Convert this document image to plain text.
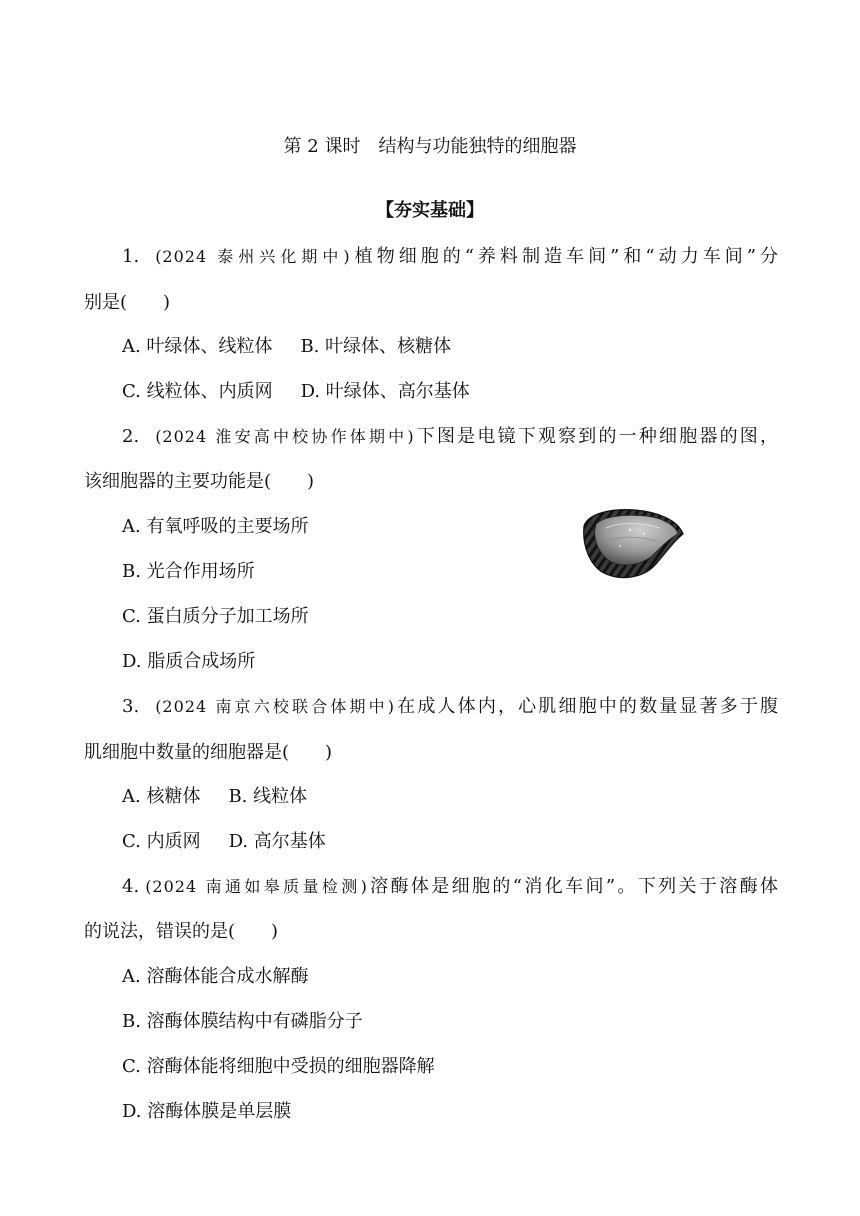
第 2 课时　结构与功能独特的细胞器
【夯实基础】
1. (2024 泰州兴化期中)植物细胞的“养料制造车间”和“动力车间”分
别是(　　)
A. 叶绿体、线粒体 B. 叶绿体、核糖体
C. 线粒体、内质网 D. 叶绿体、高尔基体
2. (2024 淮安高中校协作体期中)下图是电镜下观察到的一种细胞器的图，
该细胞器的主要功能是(　　)
A. 有氧呼吸的主要场所
B. 光合作用场所
C. 蛋白质分子加工场所
D. 脂质合成场所
3. (2024 南京六校联合体期中)在成人体内，心肌细胞中的数量显著多于腹
肌细胞中数量的细胞器是(　　)
A. 核糖体 B. 线粒体
C. 内质网 D. 高尔基体
4. (2024 南通如皋质量检测)溶酶体是细胞的“消化车间”。下列关于溶酶体
的说法，错误的是(　　)
A. 溶酶体能合成水解酶
B. 溶酶体膜结构中有磷脂分子
C. 溶酶体能将细胞中受损的细胞器降解
D. 溶酶体膜是单层膜
